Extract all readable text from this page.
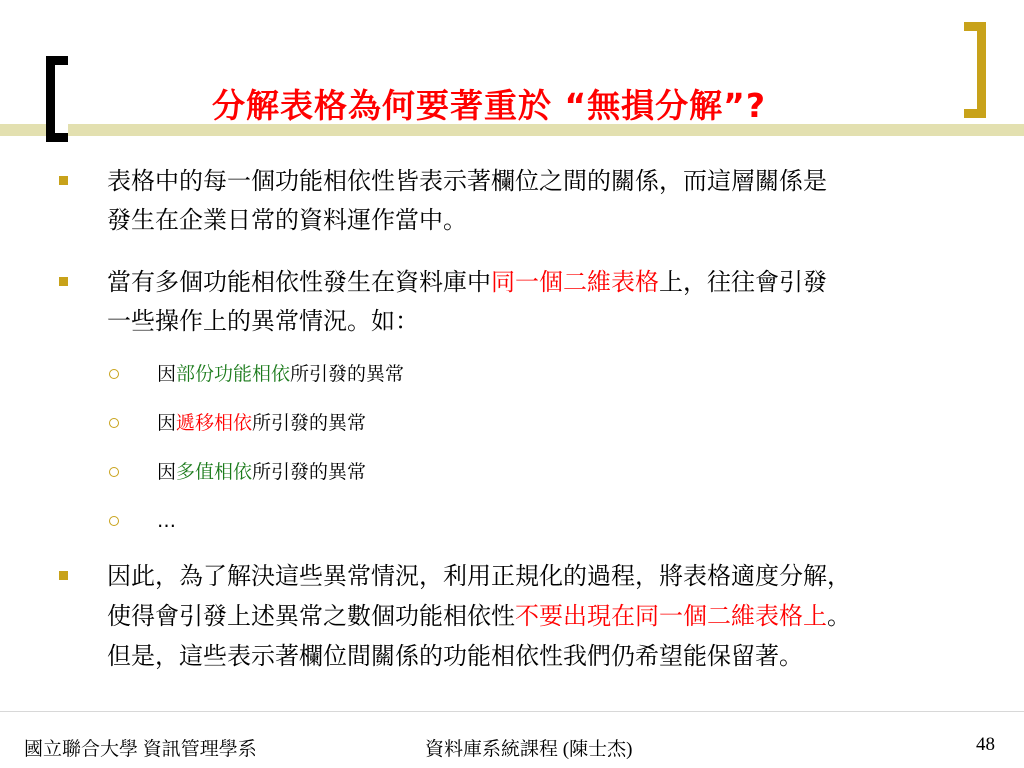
分解表格為何要著重於 “無損分解”?
表格中的每一個功能相依性皆表示著欄位之間的關係，而這層關係是
發生在企業日常的資料運作當中。
當有多個功能相依性發生在資料庫中同一個二維表格上，往往會引發
一些操作上的異常情況。如：
因部份功能相依所引發的異常
因遞移相依所引發的異常
因多值相依所引發的異常
…
因此，為了解決這些異常情況，利用正規化的過程，將表格適度分解，
使得會引發上述異常之數個功能相依性不要出現在同一個二維表格上。
但是，這些表示著欄位間關係的功能相依性我們仍希望能保留著。
國立聯合大學 資訊管理學系	資料庫系統課程 (陳士杰)	48
